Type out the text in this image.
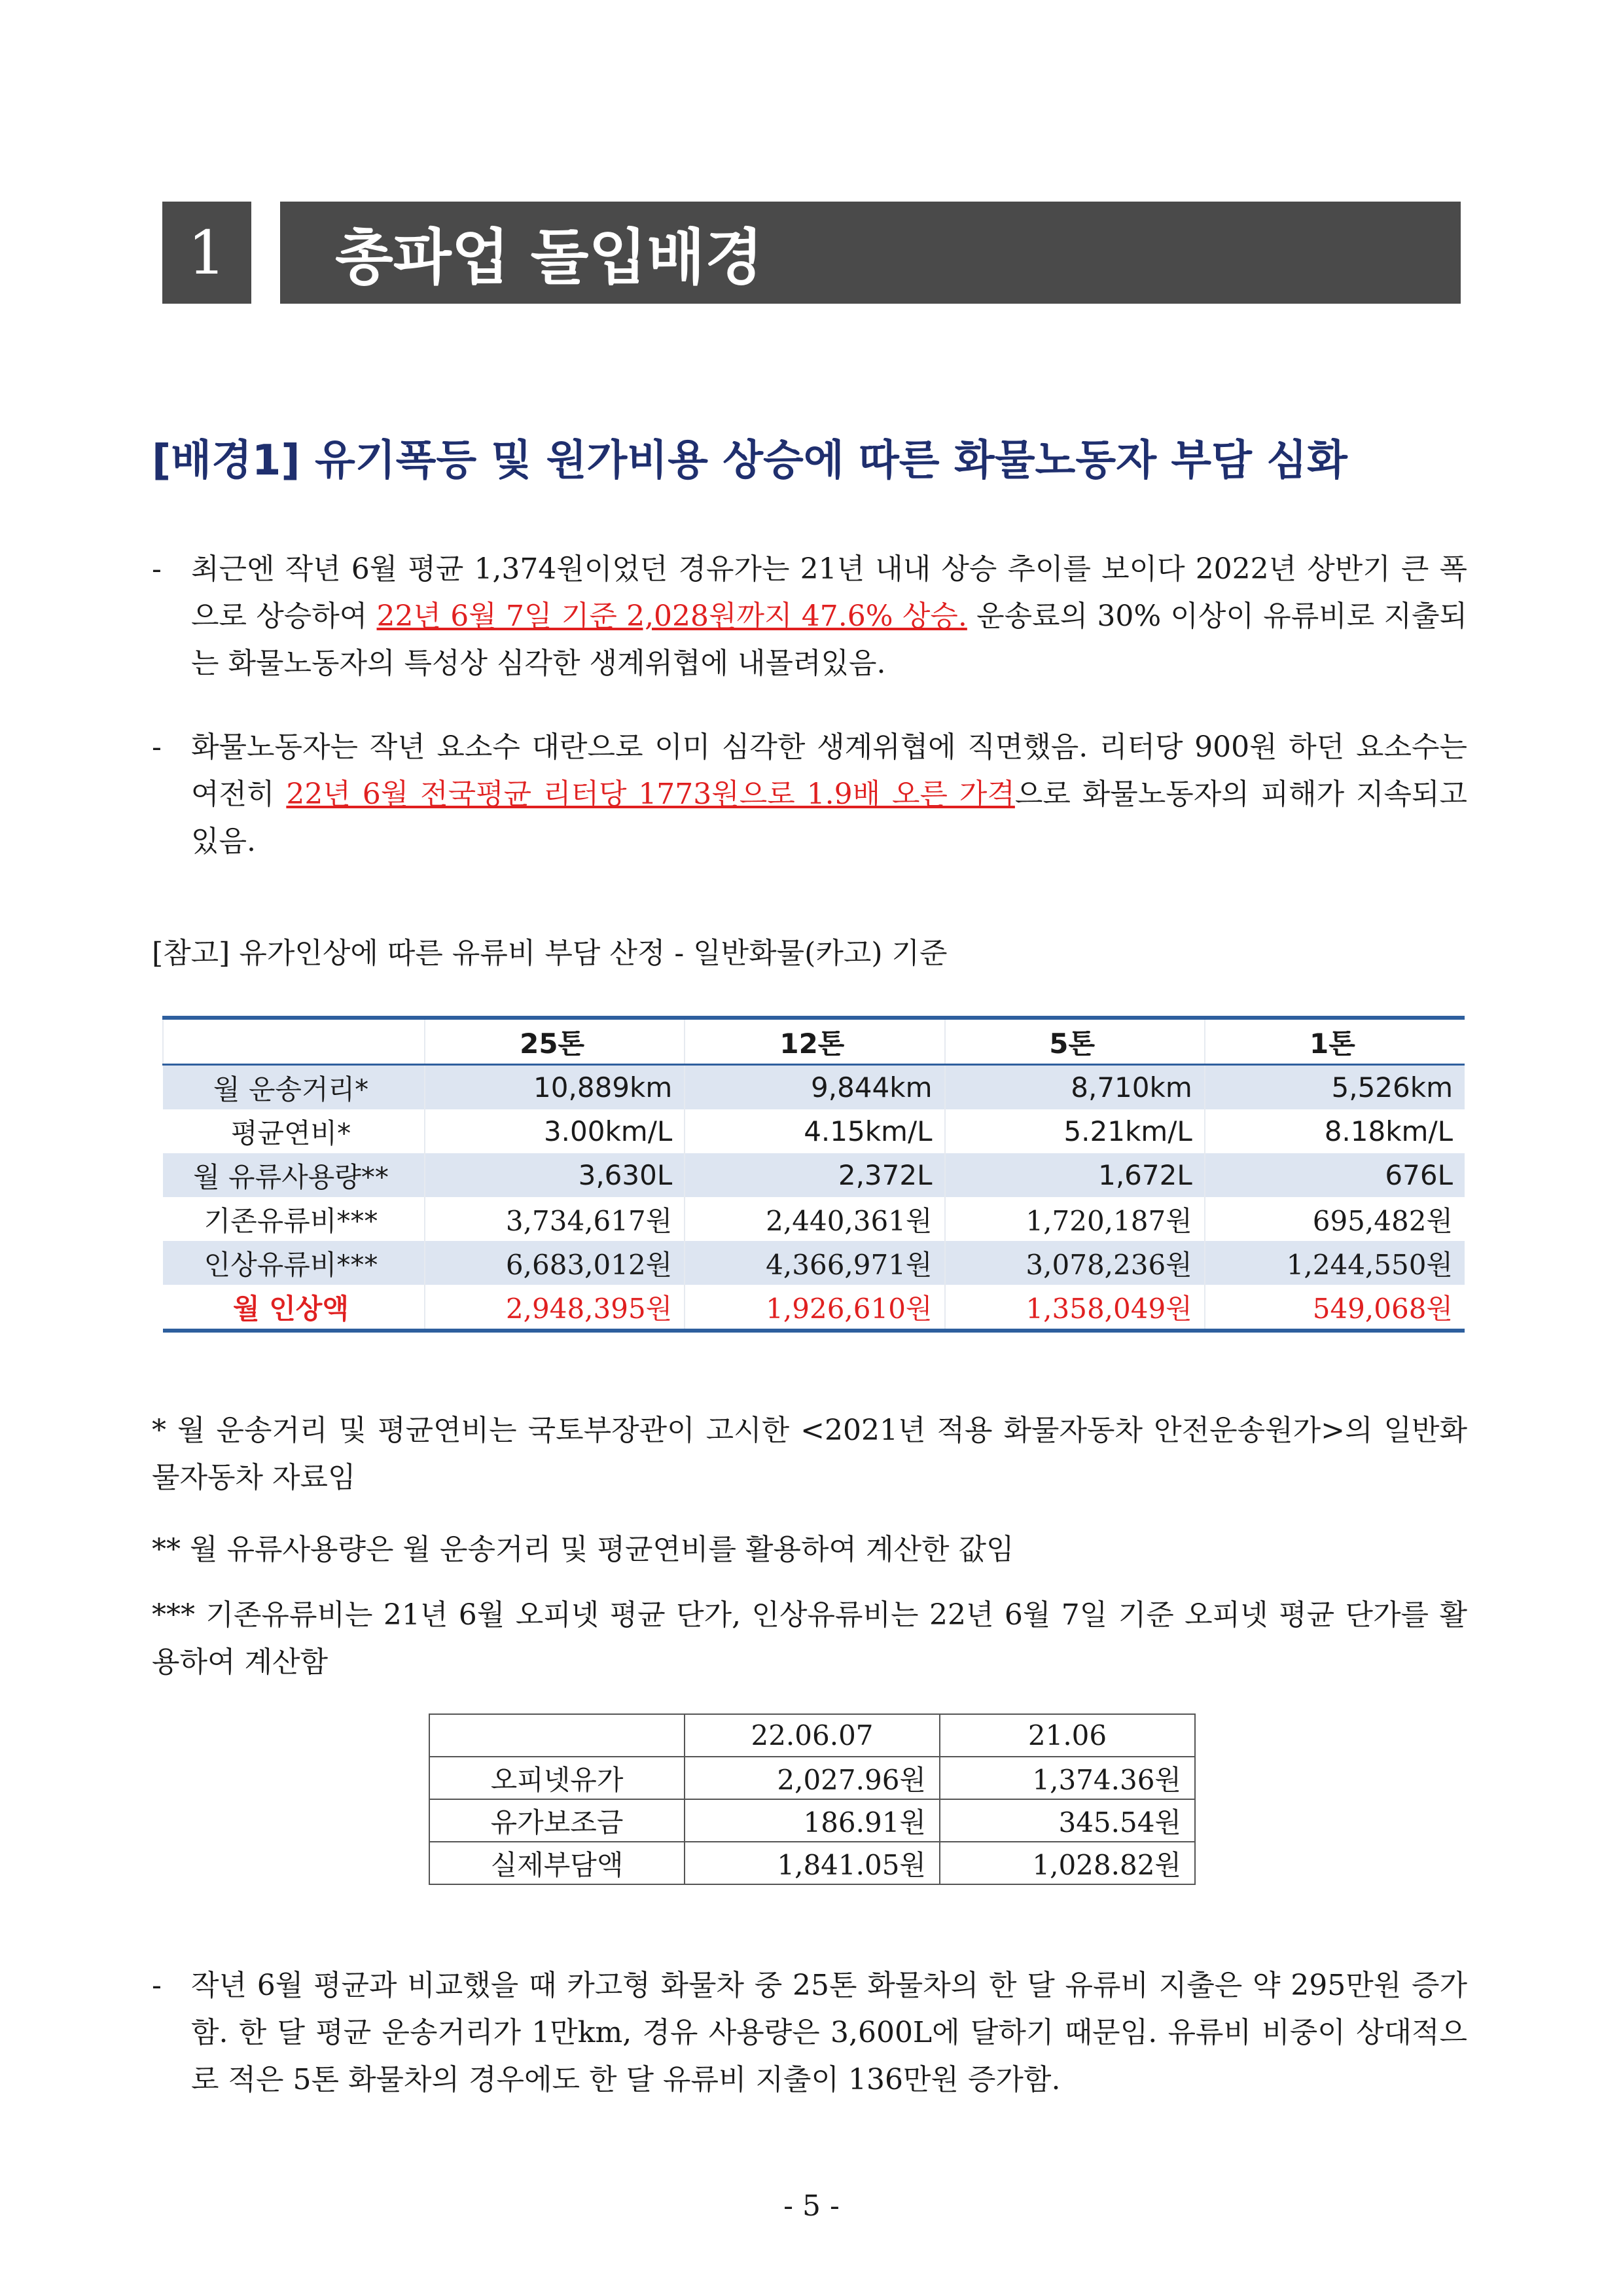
1	총파업 돌입배경
[배경1] 유기폭등 및 원가비용 상승에 따른 화물노동자 부담 심화
- 최근엔 작년 6월 평균 1,374원이었던 경유가는 21년 내내 상승 추이를 보이다 2022년 상반기 큰 폭으로 상승하여 22년 6월 7일 기준 2,028원까지 47.6% 상승. 운송료의 30% 이상이 유류비로 지출되는 화물노동자의 특성상 심각한 생계위협에 내몰려있음.
- 화물노동자는 작년 요소수 대란으로 이미 심각한 생계위협에 직면했음. 리터당 900원 하던 요소수는 여전히 22년 6월 전국평균 리터당 1773원으로 1.9배 오른 가격으로 화물노동자의 피해가 지속되고 있음.
[참고] 유가인상에 따른 유류비 부담 산정 - 일반화물(카고) 기준
	25톤	12톤	5톤	1톤
월 운송거리*	10,889km	9,844km	8,710km	5,526km
평균연비*	3.00km/L	4.15km/L	5.21km/L	8.18km/L
월 유류사용량**	3,630L	2,372L	1,672L	676L
기존유류비***	3,734,617원	2,440,361원	1,720,187원	695,482원
인상유류비***	6,683,012원	4,366,971원	3,078,236원	1,244,550원
월 인상액	2,948,395원	1,926,610원	1,358,049원	549,068원
* 월 운송거리 및 평균연비는 국토부장관이 고시한 <2021년 적용 화물자동차 안전운송원가>의 일반화물자동차 자료임
** 월 유류사용량은 월 운송거리 및 평균연비를 활용하여 계산한 값임
*** 기존유류비는 21년 6월 오피넷 평균 단가, 인상유류비는 22년 6월 7일 기준 오피넷 평균 단가를 활용하여 계산함
	22.06.07	21.06
오피넷유가	2,027.96원	1,374.36원
유가보조금	186.91원	345.54원
실제부담액	1,841.05원	1,028.82원
- 작년 6월 평균과 비교했을 때 카고형 화물차 중 25톤 화물차의 한 달 유류비 지출은 약 295만원 증가함. 한 달 평균 운송거리가 1만km, 경유 사용량은 3,600L에 달하기 때문임. 유류비 비중이 상대적으로 적은 5톤 화물차의 경우에도 한 달 유류비 지출이 136만원 증가함.
- 5 -
